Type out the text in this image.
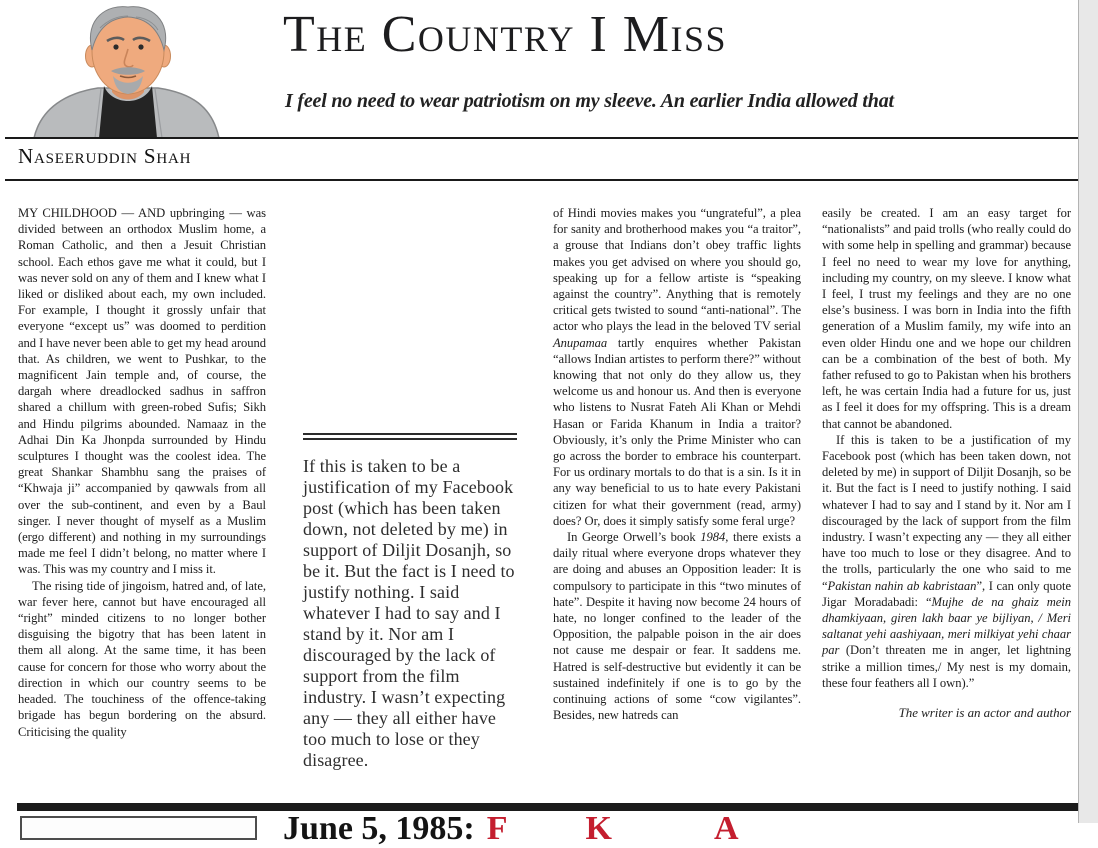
The Country I Miss
I feel no need to wear patriotism on my sleeve. An earlier India allowed that
Naseeruddin Shah

MY CHILDHOOD — AND upbringing — was divided between an orthodox Muslim home, a Roman Catholic, and then a Jesuit Christian school. Each ethos gave me what it could, but I was never sold on any of them and I knew what I liked or disliked about each, my own included. For example, I thought it grossly unfair that everyone “except us” was doomed to perdition and I have never been able to get my head around that. As children, we went to Pushkar, to the magnificent Jain temple and, of course, the dargah where dreadlocked sadhus in saffron shared a chillum with green-robed Sufis; Sikh and Hindu pilgrims abounded. Namaaz in the Adhai Din Ka Jhonpda surrounded by Hindu sculptures I thought was the coolest idea. The great Shankar Shambhu sang the praises of “Khwaja ji” accompanied by qawwals from all over the sub-continent, and even by a Baul singer. I never thought of myself as a Muslim (ergo different) and nothing in my surroundings made me feel I didn’t belong, no matter where I was. This was my country and I miss it.

The rising tide of jingoism, hatred and, of late, war fever here, cannot but have encouraged all “right” minded citizens to no longer bother disguising the bigotry that has been latent in them all along. At the same time, it has been cause for concern for those who worry about the direction in which our country seems to be headed. The touchiness of the offence-taking brigade has begun bordering on the absurd. Criticising the quality

If this is taken to be a justification of my Facebook post (which has been taken down, not deleted by me) in support of Diljit Dosanjh, so be it. But the fact is I need to justify nothing. I said whatever I had to say and I stand by it. Nor am I discouraged by the lack of support from the film industry. I wasn’t expecting any — they all either have too much to lose or they disagree.

of Hindi movies makes you “ungrateful”, a plea for sanity and brotherhood makes you “a traitor”, a grouse that Indians don’t obey traffic lights makes you get advised on where you should go, speaking up for a fellow artiste is “speaking against the country”. Anything that is remotely critical gets twisted to sound “anti-national”. The actor who plays the lead in the beloved TV serial Anupamaa tartly enquires whether Pakistan “allows Indian artistes to perform there?” without knowing that not only do they allow us, they welcome us and honour us. And then is everyone who listens to Nusrat Fateh Ali Khan or Mehdi Hasan or Farida Khanum in India a traitor? Obviously, it’s only the Prime Minister who can go across the border to embrace his counterpart. For us ordinary mortals to do that is a sin. Is it in any way beneficial to us to hate every Pakistani citizen for what their government (read, army) does? Or, does it simply satisfy some feral urge?

In George Orwell’s book 1984, there exists a daily ritual where everyone drops whatever they are doing and abuses an Opposition leader: It is compulsory to participate in this “two minutes of hate”. Despite it having now become 24 hours of hate, no longer confined to the leader of the Opposition, the palpable poison in the air does not cause me despair or fear. It saddens me. Hatred is self-destructive but evidently it can be sustained indefinitely if one is to go by the continuing actions of some “cow vigilantes”. Besides, new hatreds can

easily be created. I am an easy target for “nationalists” and paid trolls (who really could do with some help in spelling and grammar) because I feel no need to wear my love for anything, including my country, on my sleeve. I know what I feel, I trust my feelings and they are no one else’s business. I was born in India into the fifth generation of a Muslim family, my wife into an even older Hindu one and we hope our children can be a combination of the best of both. My father refused to go to Pakistan when his brothers left, he was certain India had a future for us, just as I feel it does for my offspring. This is a dream that cannot be abandoned.

If this is taken to be a justification of my Facebook post (which has been taken down, not deleted by me) in support of Diljit Dosanjh, so be it. But the fact is I need to justify nothing. I said whatever I had to say and I stand by it. Nor am I discouraged by the lack of support from the film industry. I wasn’t expecting any — they all either have too much to lose or they disagree. And to the trolls, particularly the one who said to me “Pakistan nahin ab kabristaan”, I can only quote Jigar Moradabadi: “Mujhe de na ghaiz mein dhamkiyaan, giren lakh baar ye bijliyan, / Meri saltanat yehi aashiyaan, meri milkiyat yehi chaar par (Don’t threaten me in anger, let lightning strike a million times,/ My nest is my domain, these four feathers all I own).”

The writer is an actor and author
June 5, 1985: F K	A
